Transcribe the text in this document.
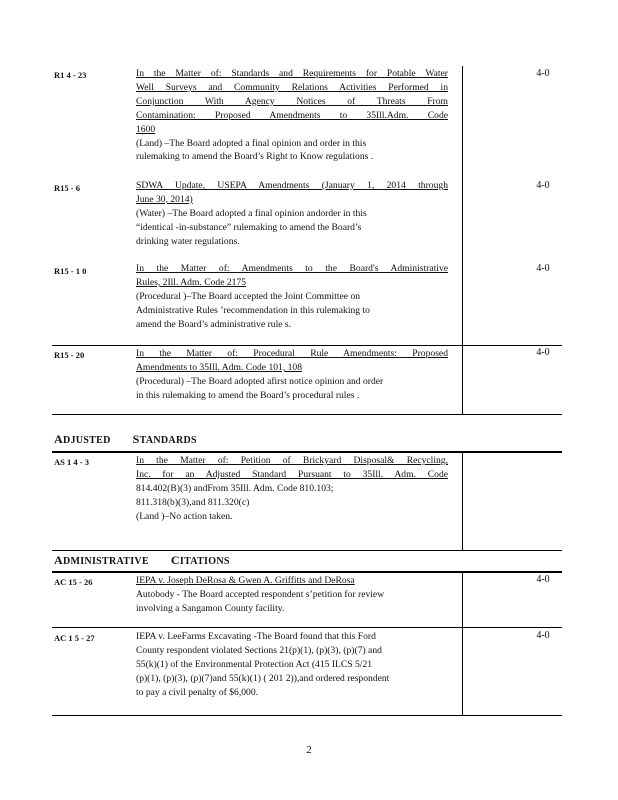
R1 4 - 23	In the Matter of: Standards and Requirements for Potable Water
Well Surveys and Community Relations Activities Performed in
Conjunction With Agency Notices of Threats From
Contamination: Proposed Amendments to 35Ill.Adm. Code
1600
(Land) –The Board adopted a final opinion and order in this
rulemaking to amend the Board’s Right to Know regulations .
4-0
R15 - 6	SDWA Update, USEPA Amendments (January 1, 2014 through
June 30, 2014)
(Water) –The Board adopted a final opinion andorder in this
“identical -in-substance” rulemaking to amend the Board’s
drinking water regulations.
4-0
R15 - 1 0	In the Matter of: Amendments to the Board's Administrative
Rules, 2Ill. Adm. Code 2175
(Procedural )–The Board accepted the Joint Committee on
Administrative Rules ’recommendation in this rulemaking to
amend the Board’s administrative rule s.
4-0
R15 - 20	In the Matter of: Procedural Rule Amendments: Proposed
Amendments to 35Ill. Adm. Code 101, 108
(Procedural) –The Board adopted afirst notice opinion and order
in this rulemaking to amend the Board’s procedural rules .
4-0
ADJUSTED STANDARDS
AS 1 4 - 3	In the Matter of: Petition of Brickyard Disposal& Recycling,
Inc. for an Adjusted Standard Pursuant to 35Ill. Adm. Code
814.402(B)(3) andFrom 35Ill. Adm. Code 810.103;
811.318(b)(3),and 811.320(c)
(Land )–No action taken.
ADMINISTRATIVE CITATIONS
AC 15 - 26	IEPA v. Joseph DeRosa & Gwen A. Griffitts and DeRosa
Autobody - The Board accepted respondent s’petition for review
involving a Sangamon County facility.
4-0
AC 1 5 - 27	IEPA v. LeeFarms Excavating -The Board found that this Ford
County respondent violated Sections 21(p)(1), (p)(3), (p)(7) and
55(k)(1) of the Environmental Protection Act (415 ILCS 5/21
(p)(1), (p)(3), (p)(7)and 55(k)(1) ( 201 2)),and ordered respondent
to pay a civil penalty of $6,000.
4-0
2
